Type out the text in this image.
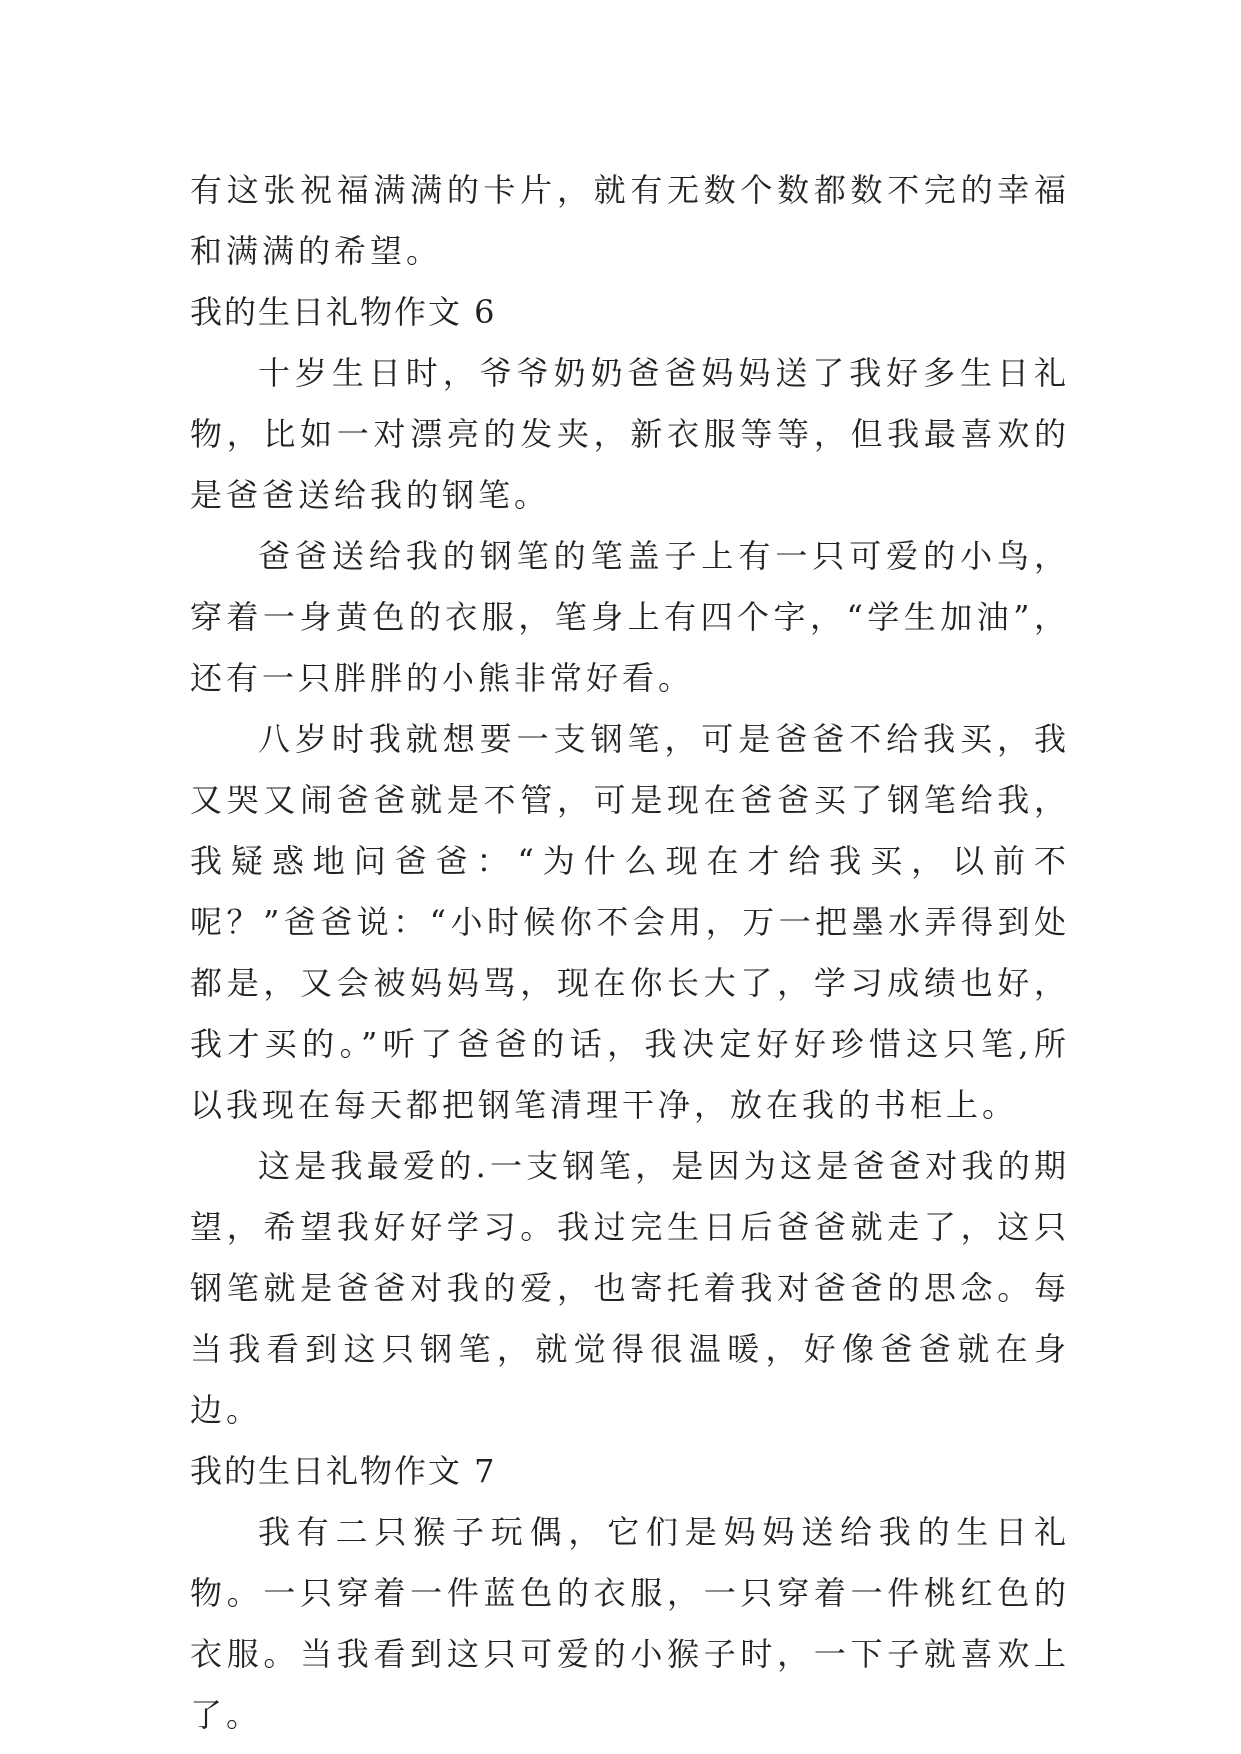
有这张祝福满满的卡片，就有无数个数都数不完的幸福和满满的希望。

我的生日礼物作文 6

十岁生日时，爷爷奶奶爸爸妈妈送了我好多生日礼物，比如一对漂亮的发夹，新衣服等等，但我最喜欢的是爸爸送给我的钢笔。

爸爸送给我的钢笔的笔盖子上有一只可爱的小鸟，穿着一身黄色的衣服，笔身上有四个字，“学生加油”，还有一只胖胖的小熊非常好看。

八岁时我就想要一支钢笔，可是爸爸不给我买，我又哭又闹爸爸就是不管，可是现在爸爸买了钢笔给我，我疑惑地问爸爸：“为什么现在才给我买，以前不呢？”爸爸说：“小时候你不会用，万一把墨水弄得到处都是，又会被妈妈骂，现在你长大了，学习成绩也好，我才买的。”听了爸爸的话，我决定好好珍惜这只笔,所以我现在每天都把钢笔清理干净，放在我的书柜上。

这是我最爱的.一支钢笔，是因为这是爸爸对我的期望，希望我好好学习。我过完生日后爸爸就走了，这只钢笔就是爸爸对我的爱，也寄托着我对爸爸的思念。每当我看到这只钢笔，就觉得很温暖，好像爸爸就在身边。

我的生日礼物作文 7

我有二只猴子玩偶，它们是妈妈送给我的生日礼物。一只穿着一件蓝色的衣服，一只穿着一件桃红色的衣服。当我看到这只可爱的小猴子时，一下子就喜欢上了。
